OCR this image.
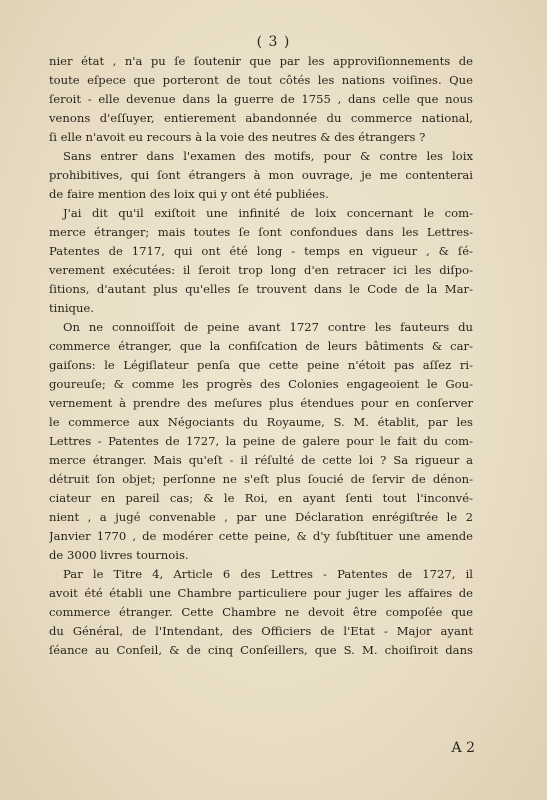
( 3 )
nier état , n'a pu ſe ſoutenir que par les approviſionnements de
toute eſpece que porteront de tout côtés les nations voiſines. Que
ſeroit - elle devenue dans la guerre de 1755 , dans celle que nous
venons d'eſſuyer, entierement abandonnée du commerce national,
ſi elle n'avoit eu recours à la voie des neutres & des étrangers ?
Sans entrer dans l'examen des motifs, pour & contre les loix
prohibitives, qui ſont étrangers à mon ouvrage, je me contenterai
de faire mention des loix qui y ont été publiées.
J'ai dit qu'il exiſtoit une infinité de loix concernant le com-
merce étranger; mais toutes ſe ſont confondues dans les Lettres-
Patentes de 1717, qui ont été long - temps en vigueur , & ſé-
verement exécutées: il ſeroit trop long d'en retracer ici les diſpo-
ſitions, d'autant plus qu'elles ſe trouvent dans le Code de la Mar-
tinique.
On ne connoiſſoit de peine avant 1727 contre les fauteurs du
commerce étranger, que la confiſcation de leurs bâtiments & car-
gaiſons: le Légiſlateur penſa que cette peine n'étoit pas aſſez ri-
goureuſe; & comme les progrès des Colonies engageoient le Gou-
vernement à prendre des meſures plus étendues pour en conſerver
le commerce aux Négociants du Royaume, S. M. établit, par les
Lettres - Patentes de 1727, la peine de galere pour le fait du com-
merce étranger. Mais qu'eſt - il réſulté de cette loi ? Sa rigueur a
détruit ſon objet; perſonne ne s'eſt plus ſoucié de ſervir de dénon-
ciateur en pareil cas; & le Roi, en ayant ſenti tout l'inconvé-
nient , a jugé convenable , par une Déclaration enrégiſtrée le 2
Janvier 1770 , de modérer cette peine, & d'y ſubſtituer une amende
de 3000 livres tournois.
Par le Titre 4, Article 6 des Lettres - Patentes de 1727, il
avoit été établi une Chambre particuliere pour juger les affaires de
commerce étranger. Cette Chambre ne devoit être compoſée que
du Général, de l'Intendant, des Officiers de l'Etat - Major ayant
ſéance au Conſeil, & de cinq Conſeillers, que S. M. choiſiroit dans
A 2
